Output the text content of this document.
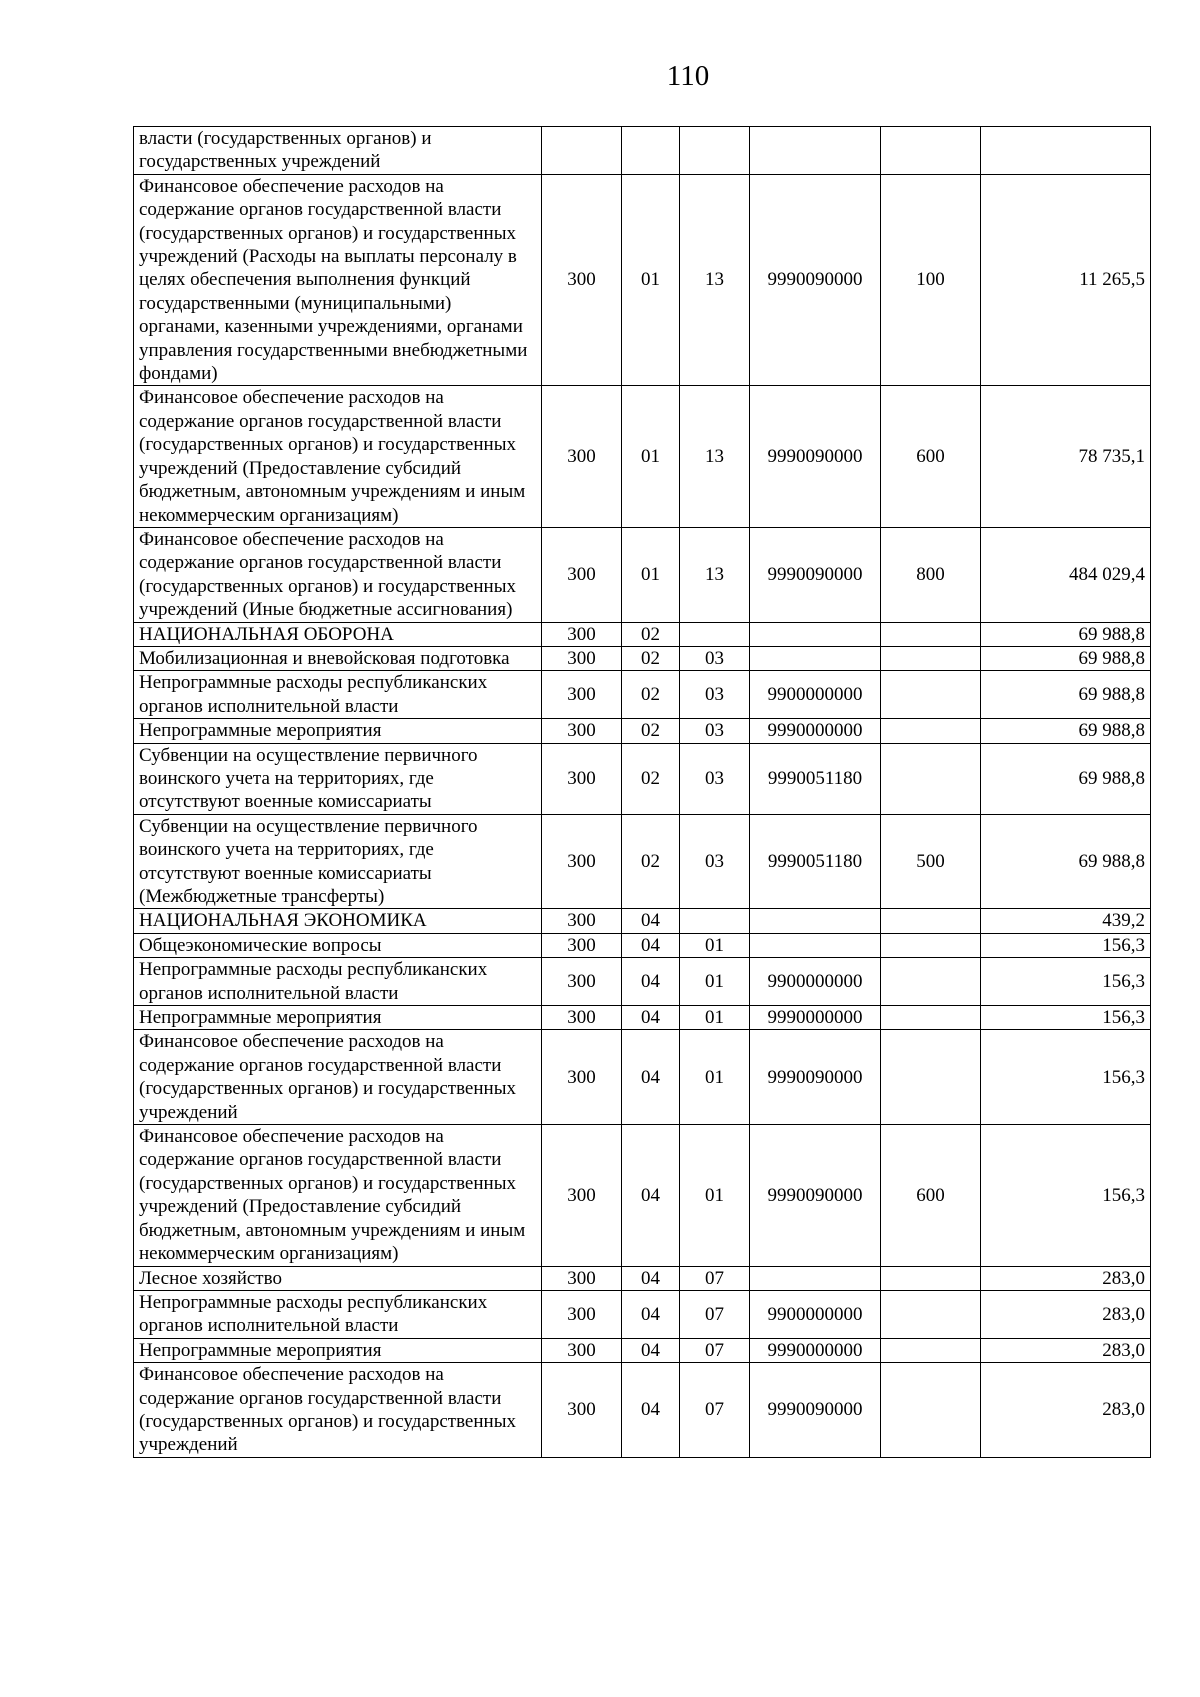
110
власти (государственных органов) и государственных учреждений						
Финансовое обеспечение расходов на содержание органов государственной власти (государственных органов) и государственных учреждений (Расходы на выплаты персоналу в целях обеспечения выполнения функций государственными (муниципальными) органами, казенными учреждениями, органами управления государственными внебюджетными фондами)	300	01	13	9990090000	100	11 265,5
Финансовое обеспечение расходов на содержание органов государственной власти (государственных органов) и государственных учреждений (Предоставление субсидий бюджетным, автономным учреждениям и иным некоммерческим организациям)	300	01	13	9990090000	600	78 735,1
Финансовое обеспечение расходов на содержание органов государственной власти (государственных органов) и государственных учреждений (Иные бюджетные ассигнования)	300	01	13	9990090000	800	484 029,4
НАЦИОНАЛЬНАЯ ОБОРОНА	300	02				69 988,8
Мобилизационная и вневойсковая подготовка	300	02	03			69 988,8
Непрограммные расходы республиканских органов исполнительной власти	300	02	03	9900000000		69 988,8
Непрограммные мероприятия	300	02	03	9990000000		69 988,8
Субвенции на осуществление первичного воинского учета на территориях, где отсутствуют военные комиссариаты	300	02	03	9990051180		69 988,8
Субвенции на осуществление первичного воинского учета на территориях, где отсутствуют военные комиссариаты (Межбюджетные трансферты)	300	02	03	9990051180	500	69 988,8
НАЦИОНАЛЬНАЯ ЭКОНОМИКА	300	04				439,2
Общеэкономические вопросы	300	04	01			156,3
Непрограммные расходы республиканских органов исполнительной власти	300	04	01	9900000000		156,3
Непрограммные мероприятия	300	04	01	9990000000		156,3
Финансовое обеспечение расходов на содержание органов государственной власти (государственных органов) и государственных учреждений	300	04	01	9990090000		156,3
Финансовое обеспечение расходов на содержание органов государственной власти (государственных органов) и государственных учреждений (Предоставление субсидий бюджетным, автономным учреждениям и иным некоммерческим организациям)	300	04	01	9990090000	600	156,3
Лесное хозяйство	300	04	07			283,0
Непрограммные расходы республиканских органов исполнительной власти	300	04	07	9900000000		283,0
Непрограммные мероприятия	300	04	07	9990000000		283,0
Финансовое обеспечение расходов на содержание органов государственной власти (государственных органов) и государственных учреждений	300	04	07	9990090000		283,0
